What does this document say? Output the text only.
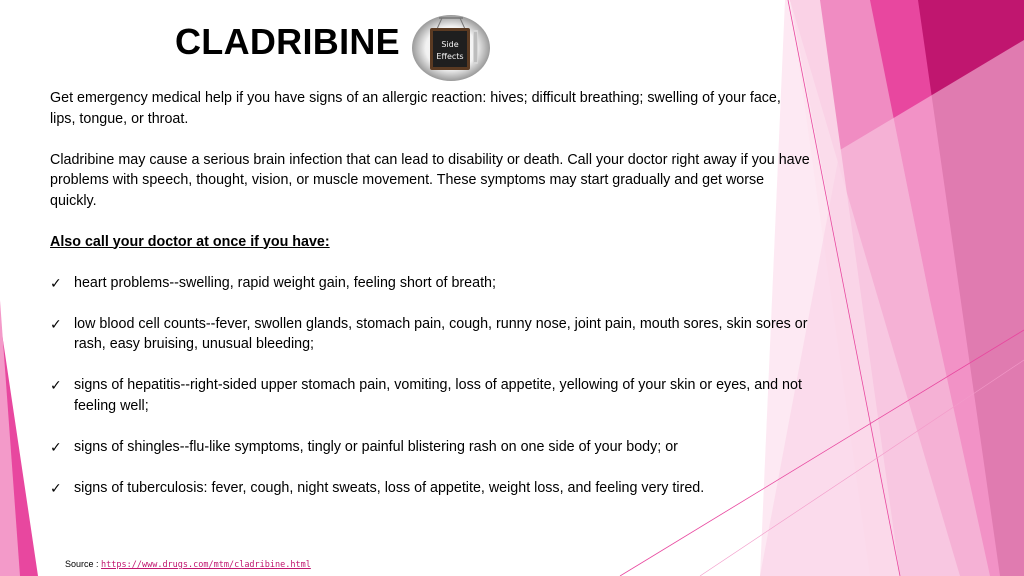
CLADRIBINE	Side
Effects

Get emergency medical help if you have signs of an allergic reaction: hives; difficult breathing; swelling of your face, lips, tongue, or throat.

Cladribine may cause a serious brain infection that can lead to disability or death. Call your doctor right away if you have problems with speech, thought, vision, or muscle movement. These symptoms may start gradually and get worse quickly.

Also call your doctor at once if you have:

✓ heart problems--swelling, rapid weight gain, feeling short of breath;
✓ low blood cell counts--fever, swollen glands, stomach pain, cough, runny nose, joint pain, mouth sores, skin sores or rash, easy bruising, unusual bleeding;
✓ signs of hepatitis--right-sided upper stomach pain, vomiting, loss of appetite, yellowing of your skin or eyes, and not feeling well;
✓ signs of shingles--flu-like symptoms, tingly or painful blistering rash on one side of your body; or
✓ signs of tuberculosis: fever, cough, night sweats, loss of appetite, weight loss, and feeling very tired.
Source : https://www.drugs.com/mtm/cladribine.html
